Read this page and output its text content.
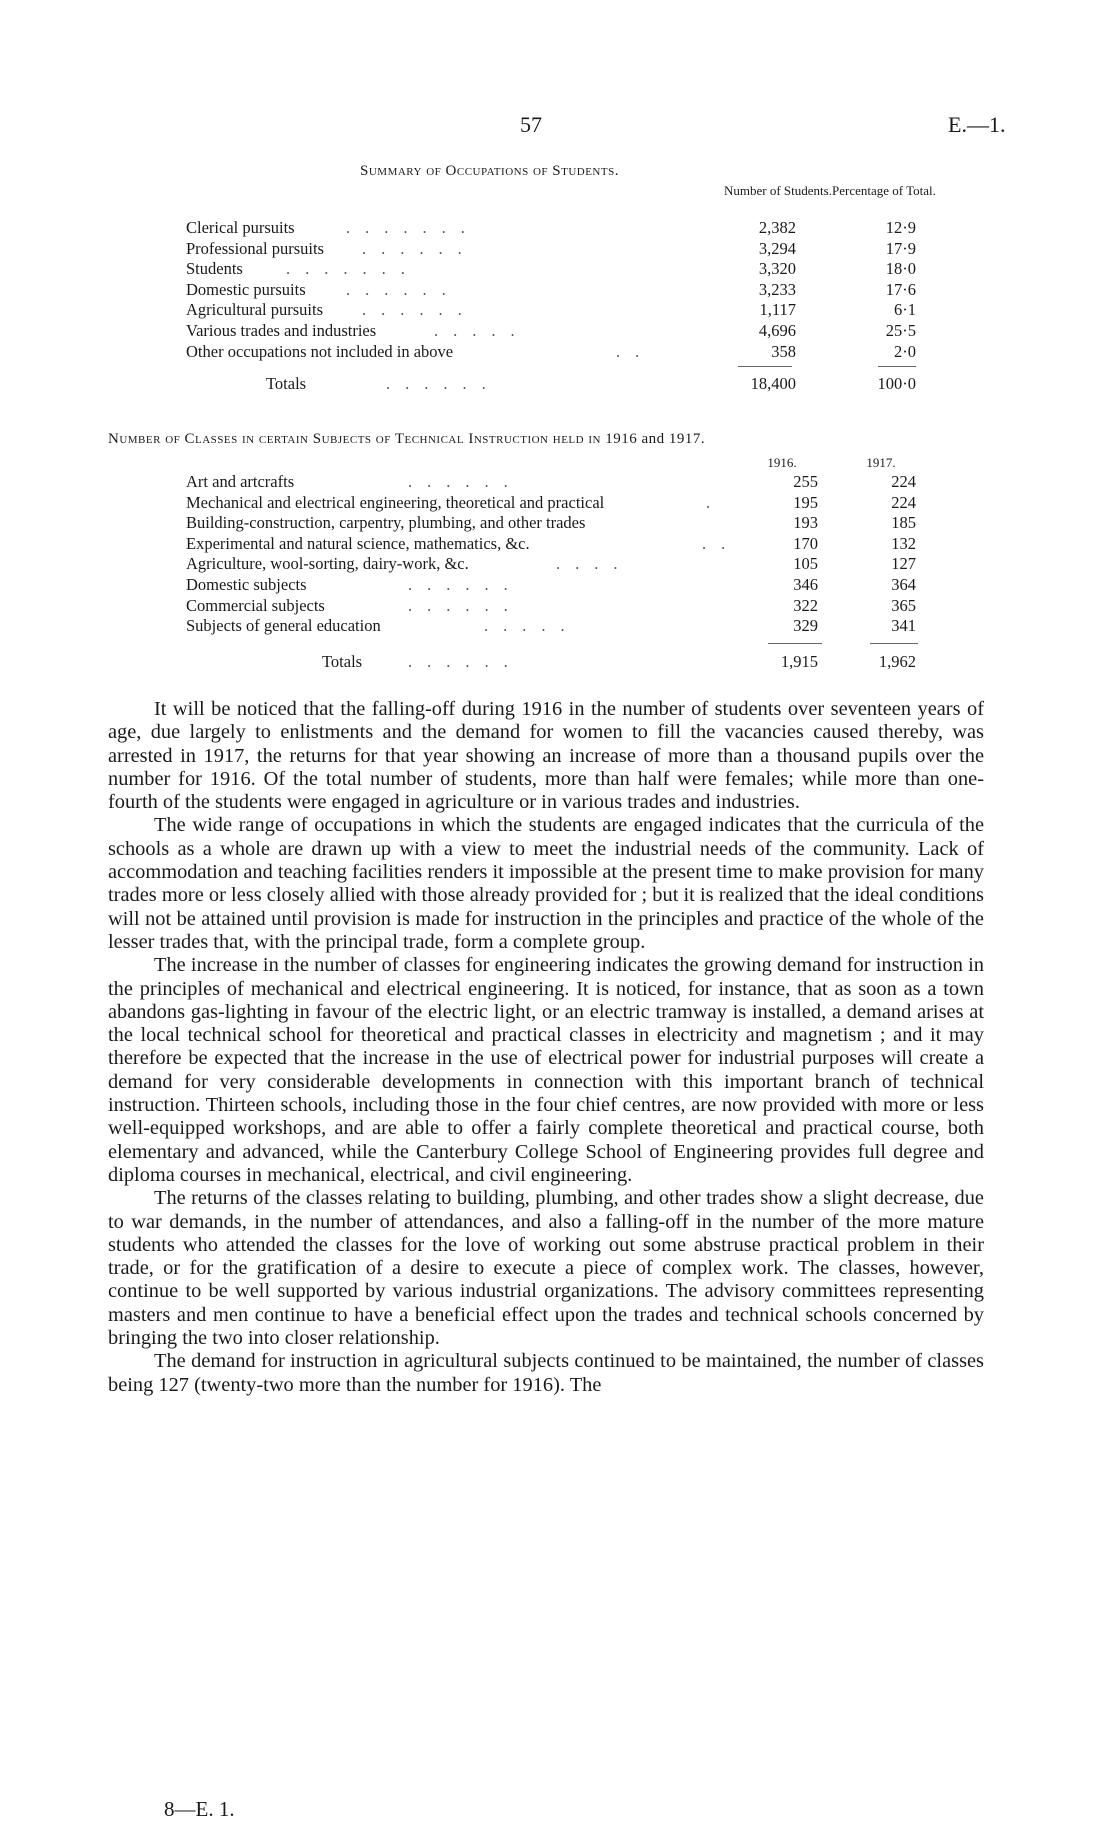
57	E.—1.
Summary of Occupations of Students.
Number of Students. Percentage of Total.
Clerical pursuits	.......	2,382	12·9
Professional pursuits ......	3,294	17·9
Students	.......	3,320	18·0
Domestic pursuits ......	3,233	17·6
Agricultural pursuits ......	1,117	6·1
Various trades and industries	.....	4,696	25·5
Other occupations not included in above	..	358	2·0
Totals	......	18,400	100·0
Number of Classes in certain Subjects of Technical Instruction held in 1916 and 1917.
1916.	1917.
Art and artcrafts	......	255	224
Mechanical and electrical engineering, theoretical and practical	.	195	224
Building-construction, carpentry, plumbing, and other trades	193	185
Experimental and natural science, mathematics, &c.	..	170	132
Agriculture, wool-sorting, dairy-work, &c.	....	105	127
Domestic subjects	......	346	364
Commercial subjects	......	322	365
Subjects of general education	.....	329	341
Totals	......	1,915	1,962

It will be noticed that the falling-off during 1916 in the number of students over seventeen years of age, due largely to enlistments and the demand for women to fill the vacancies caused thereby, was arrested in 1917, the returns for that year showing an increase of more than a thousand pupils over the number for 1916. Of the total number of students, more than half were females; while more than one-fourth of the students were engaged in agriculture or in various trades and industries.

The wide range of occupations in which the students are engaged indicates that the curricula of the schools as a whole are drawn up with a view to meet the industrial needs of the community. Lack of accommodation and teaching facilities renders it impossible at the present time to make provision for many trades more or less closely allied with those already provided for ; but it is realized that the ideal conditions will not be attained until provision is made for instruction in the principles and practice of the whole of the lesser trades that, with the principal trade, form a complete group.

The increase in the number of classes for engineering indicates the growing demand for instruction in the principles of mechanical and electrical engineering. It is noticed, for instance, that as soon as a town abandons gas-lighting in favour of the electric light, or an electric tramway is installed, a demand arises at the local technical school for theoretical and practical classes in electricity and magnetism ; and it may therefore be expected that the increase in the use of electrical power for industrial purposes will create a demand for very considerable developments in connection with this important branch of technical instruction. Thirteen schools, including those in the four chief centres, are now provided with more or less well-equipped workshops, and are able to offer a fairly complete theoretical and practical course, both elementary and advanced, while the Canterbury College School of Engineering provides full degree and diploma courses in mechanical, electrical, and civil engineering.

The returns of the classes relating to building, plumbing, and other trades show a slight decrease, due to war demands, in the number of attendances, and also a falling-off in the number of the more mature students who attended the classes for the love of working out some abstruse practical problem in their trade, or for the gratification of a desire to execute a piece of complex work. The classes, however, continue to be well supported by various industrial organizations. The advisory committees representing masters and men continue to have a beneficial effect upon the trades and technical schools concerned by bringing the two into closer relationship.

The demand for instruction in agricultural subjects continued to be maintained, the number of classes being 127 (twenty-two more than the number for 1916). The

8—E. 1.
